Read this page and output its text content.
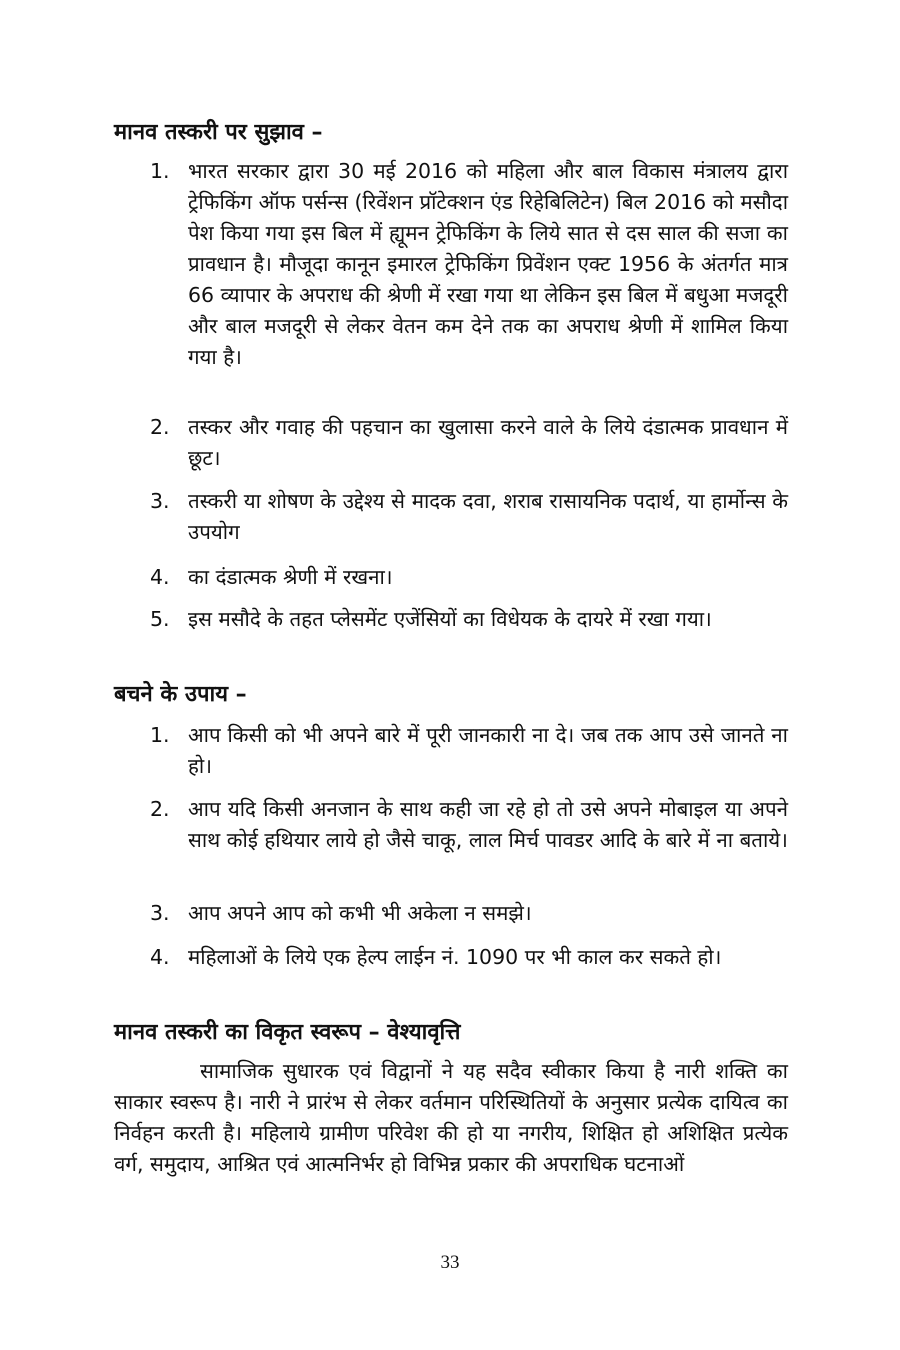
मानव तस्करी पर सुझाव –
1. भारत सरकार द्वारा 30 मई 2016 को महिला और बाल विकास मंत्रालय द्वारा ट्रेफिकिंग ऑफ पर्सन्स (रिवेंशन प्रॉटेक्शन एंड रिहेबिलिटेन) बिल 2016 को मसौदा पेश किया गया इस बिल में ह्यूमन ट्रेफिकिंग के लिये सात से दस साल की सजा का प्रावधान है। मौजूदा कानून इमारल ट्रेफिकिंग प्रिवेंशन एक्ट 1956 के अंतर्गत मात्र 66 व्यापार के अपराध की श्रेणी में रखा गया था लेकिन इस बिल में बधुआ मजदूरी और बाल मजदूरी से लेकर वेतन कम देने तक का अपराध श्रेणी में शामिल किया गया है।
2. तस्कर और गवाह की पहचान का खुलासा करने वाले के लिये दंडात्मक प्रावधान में छूट।
3. तस्करी या शोषण के उद्देश्य से मादक दवा, शराब रासायनिक पदार्थ, या हार्मोन्स के उपयोग
4. का दंडात्मक श्रेणी में रखना।
5. इस मसौदे के तहत प्लेसमेंट एजेंसियों का विधेयक के दायरे में रखा गया।
बचने के उपाय –
1. आप किसी को भी अपने बारे में पूरी जानकारी ना दे। जब तक आप उसे जानते ना हो।
2. आप यदि किसी अनजान के साथ कही जा रहे हो तो उसे अपने मोबाइल या अपने साथ कोई हथियार लाये हो जैसे चाकू, लाल मिर्च पावडर आदि के बारे में ना बताये।
3. आप अपने आप को कभी भी अकेला न समझे।
4. महिलाओं के लिये एक हेल्प लाईन नं. 1090 पर भी काल कर सकते हो।
मानव तस्करी का विकृत स्वरूप – वेश्यावृत्ति

सामाजिक सुधारक एवं विद्वानों ने यह सदैव स्वीकार किया है नारी शक्ति का साकार स्वरूप है। नारी ने प्रारंभ से लेकर वर्तमान परिस्थितियों के अनुसार प्रत्येक दायित्व का निर्वहन करती है। महिलाये ग्रामीण परिवेश की हो या नगरीय, शिक्षित हो अशिक्षित प्रत्येक वर्ग, समुदाय, आश्रित एवं आत्मनिर्भर हो विभिन्न प्रकार की अपराधिक घटनाओं

33
